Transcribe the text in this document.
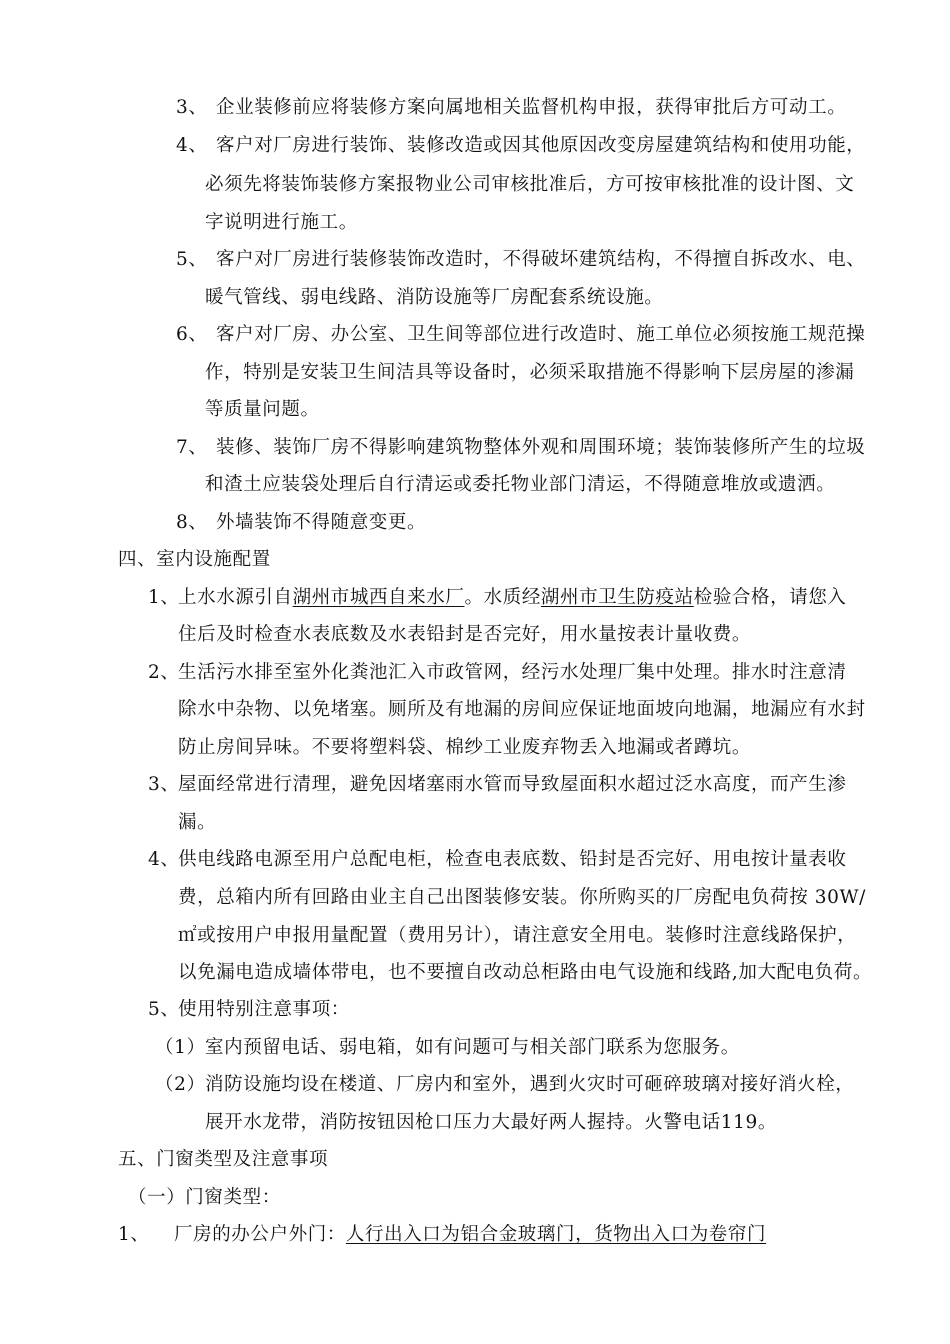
3、 企业装修前应将装修方案向属地相关监督机构申报，获得审批后方可动工。
4、 客户对厂房进行装饰、装修改造或因其他原因改变房屋建筑结构和使用功能，
必须先将装饰装修方案报物业公司审核批准后，方可按审核批准的设计图、文
字说明进行施工。
5、 客户对厂房进行装修装饰改造时，不得破坏建筑结构，不得擅自拆改水、电、
暖气管线、弱电线路、消防设施等厂房配套系统设施。
6、 客户对厂房、办公室、卫生间等部位进行改造时、施工单位必须按施工规范操
作，特别是安装卫生间洁具等设备时，必须采取措施不得影响下层房屋的渗漏
等质量问题。
7、 装修、装饰厂房不得影响建筑物整体外观和周围环境；装饰装修所产生的垃圾
和渣土应装袋处理后自行清运或委托物业部门清运，不得随意堆放或遗洒。
8、 外墙装饰不得随意变更。
四、室内设施配置
1、上水水源引自湖州市城西自来水厂。水质经湖州市卫生防疫站检验合格，请您入
住后及时检查水表底数及水表铅封是否完好，用水量按表计量收费。
2、生活污水排至室外化粪池汇入市政管网，经污水处理厂集中处理。排水时注意清
除水中杂物、以免堵塞。厕所及有地漏的房间应保证地面坡向地漏，地漏应有水封
防止房间异味。不要将塑料袋、棉纱工业废弃物丢入地漏或者蹲坑。
3、屋面经常进行清理，避免因堵塞雨水管而导致屋面积水超过泛水高度，而产生渗
漏。
4、供电线路电源至用户总配电柜，检查电表底数、铅封是否完好、用电按计量表收
费，总箱内所有回路由业主自己出图装修安装。你所购买的厂房配电负荷按 30W/
㎡或按用户申报用量配置（费用另计），请注意安全用电。装修时注意线路保护，
以免漏电造成墙体带电，也不要擅自改动总柜路由电气设施和线路,加大配电负荷。
5、使用特别注意事项：
（1）室内预留电话、弱电箱，如有问题可与相关部门联系为您服务。
（2）消防设施均设在楼道、厂房内和室外，遇到火灾时可砸碎玻璃对接好消火栓，
展开水龙带，消防按钮因枪口压力大最好两人握持。火警电话119。
五、门窗类型及注意事项
（一）门窗类型：
1、 厂房的办公户外门：人行出入口为铝合金玻璃门，货物出入口为卷帘门
